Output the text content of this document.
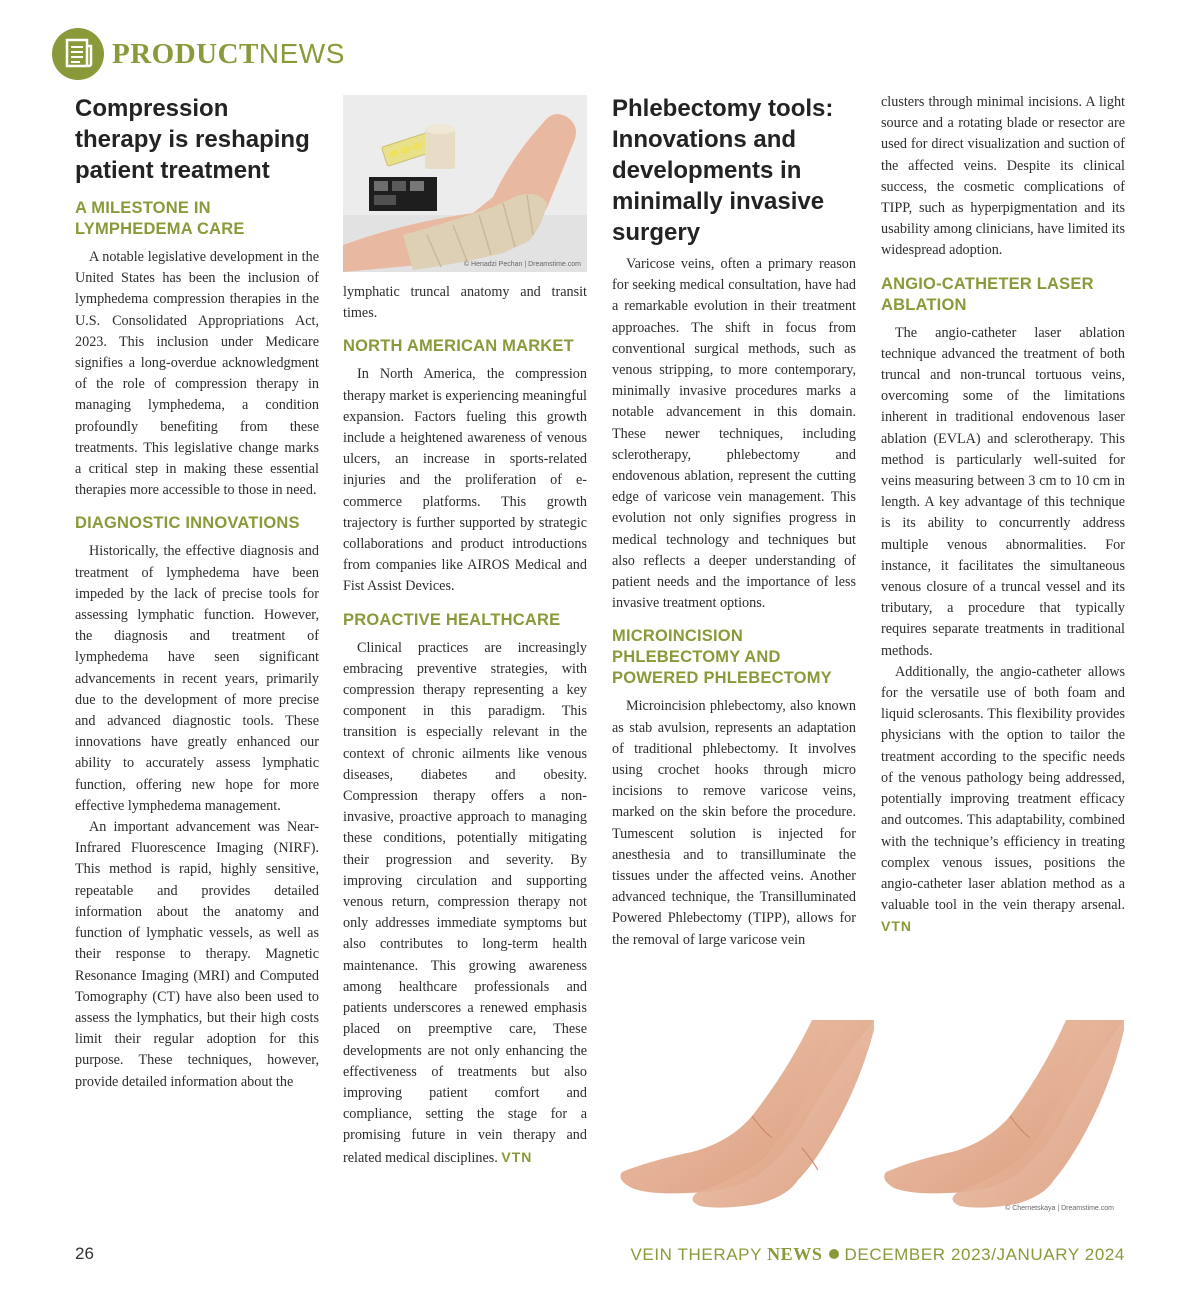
PRODUCTNEWS
Compression therapy is reshaping patient treatment
A MILESTONE IN LYMPHEDEMA CARE

A notable legislative development in the United States has been the inclusion of lymphedema compression therapies in the U.S. Consolidated Appropriations Act, 2023. This inclusion under Medicare signifies a long-overdue acknowledgment of the role of compression therapy in managing lymphedema, a condition profoundly benefiting from these treatments. This legislative change marks a critical step in making these essential therapies more accessible to those in need.

DIAGNOSTIC INNOVATIONS

Historically, the effective diagnosis and treatment of lymphedema have been impeded by the lack of precise tools for assessing lymphatic function. However, the diagnosis and treatment of lymphedema have seen significant advancements in recent years, primarily due to the development of more precise and advanced diagnostic tools. These innovations have greatly enhanced our ability to accurately assess lymphatic function, offering new hope for more effective lymphedema management.

An important advancement was Near-Infrared Fluorescence Imaging (NIRF). This method is rapid, highly sensitive, repeatable and provides detailed information about the anatomy and function of lymphatic vessels, as well as their response to therapy. Magnetic Resonance Imaging (MRI) and Computed Tomography (CT) have also been used to assess the lymphatics, but their high costs limit their regular adoption for this purpose. These techniques, however, provide detailed information about the

© Henadzi Pechan | Dreamstime.com

lymphatic truncal anatomy and transit times.

NORTH AMERICAN MARKET

In North America, the compression therapy market is experiencing meaningful expansion. Factors fueling this growth include a heightened awareness of venous ulcers, an increase in sports-related injuries and the proliferation of e-commerce platforms. This growth trajectory is further supported by strategic collaborations and product introductions from companies like AIROS Medical and Fist Assist Devices.

PROACTIVE HEALTHCARE

Clinical practices are increasingly embracing preventive strategies, with compression therapy representing a key component in this paradigm. This transition is especially relevant in the context of chronic ailments like venous diseases, diabetes and obesity. Compression therapy offers a non-invasive, proactive approach to managing these conditions, potentially mitigating their progression and severity. By improving circulation and supporting venous return, compression therapy not only addresses immediate symptoms but also contributes to long-term health maintenance. This growing awareness among healthcare professionals and patients underscores a renewed emphasis placed on preemptive care, These developments are not only enhancing the effectiveness of treatments but also improving patient comfort and compliance, setting the stage for a promising future in vein therapy and related medical disciplines. VTN

Phlebectomy tools: Innovations and developments in minimally invasive surgery

Varicose veins, often a primary reason for seeking medical consultation, have had a remarkable evolution in their treatment approaches. The shift in focus from conventional surgical methods, such as venous stripping, to more contemporary, minimally invasive procedures marks a notable advancement in this domain. These newer techniques, including sclerotherapy, phlebectomy and endovenous ablation, represent the cutting edge of varicose vein management. This evolution not only signifies progress in medical technology and techniques but also reflects a deeper understanding of patient needs and the importance of less invasive treatment options.

MICROINCISION PHLEBECTOMY AND POWERED PHLEBECTOMY

Microincision phlebectomy, also known as stab avulsion, represents an adaptation of traditional phlebectomy. It involves using crochet hooks through micro incisions to remove varicose veins, marked on the skin before the procedure. Tumescent solution is injected for anesthesia and to transilluminate the tissues under the affected veins. Another advanced technique, the Transilluminated Powered Phlebectomy (TIPP), allows for the removal of large varicose vein

clusters through minimal incisions. A light source and a rotating blade or resector are used for direct visualization and suction of the affected veins. Despite its clinical success, the cosmetic complications of TIPP, such as hyperpigmentation and its usability among clinicians, have limited its widespread adoption.

ANGIO-CATHETER LASER ABLATION

The angio-catheter laser ablation technique advanced the treatment of both truncal and non-truncal tortuous veins, overcoming some of the limitations inherent in traditional endovenous laser ablation (EVLA) and sclerotherapy. This method is particularly well-suited for veins measuring between 3 cm to 10 cm in length. A key advantage of this technique is its ability to concurrently address multiple venous abnormalities. For instance, it facilitates the simultaneous venous closure of a truncal vessel and its tributary, a procedure that typically requires separate treatments in traditional methods.

Additionally, the angio-catheter allows for the versatile use of both foam and liquid sclerosants. This flexibility provides physicians with the option to tailor the treatment according to the specific needs of the venous pathology being addressed, potentially improving treatment efficacy and outcomes. This adaptability, combined with the technique’s efficiency in treating complex venous issues, positions the angio-catheter laser ablation method as a valuable tool in the vein therapy arsenal. VTN

© Chernetskaya | Dreamstime.com
26	VEIN THERAPY NEWS DECEMBER 2023/JANUARY 2024
